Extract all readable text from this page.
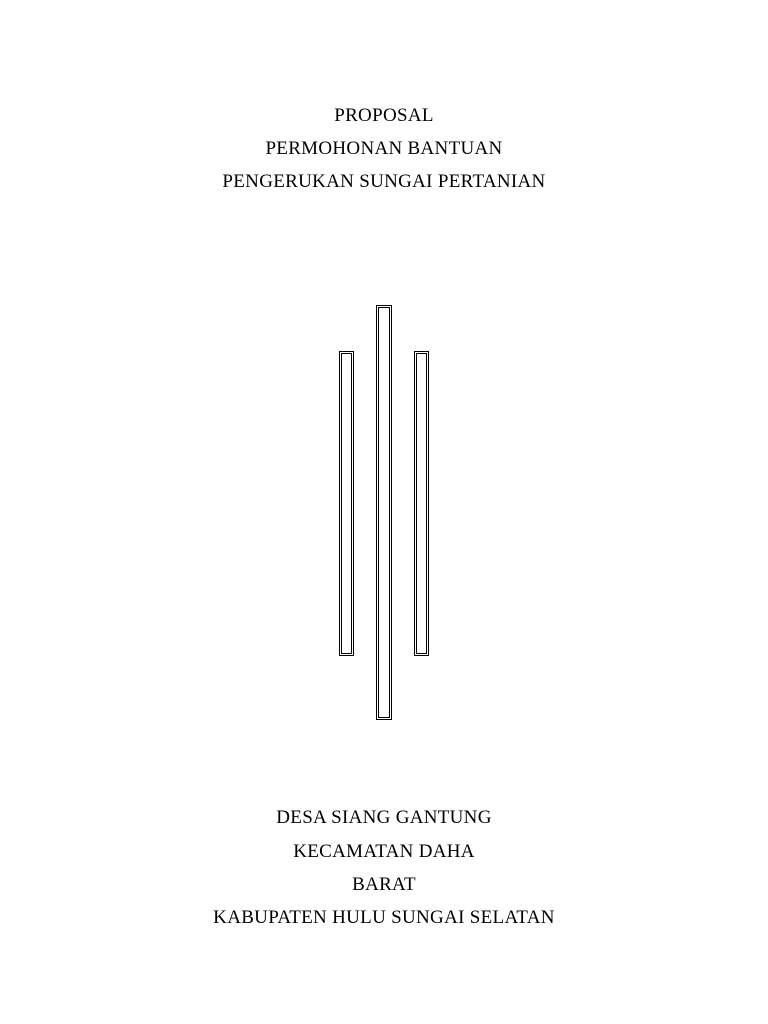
PROPOSAL
PERMOHONAN BANTUAN
PENGERUKAN SUNGAI PERTANIAN
DESA SIANG GANTUNG
KECAMATAN DAHA
BARAT
KABUPATEN HULU SUNGAI SELATAN
